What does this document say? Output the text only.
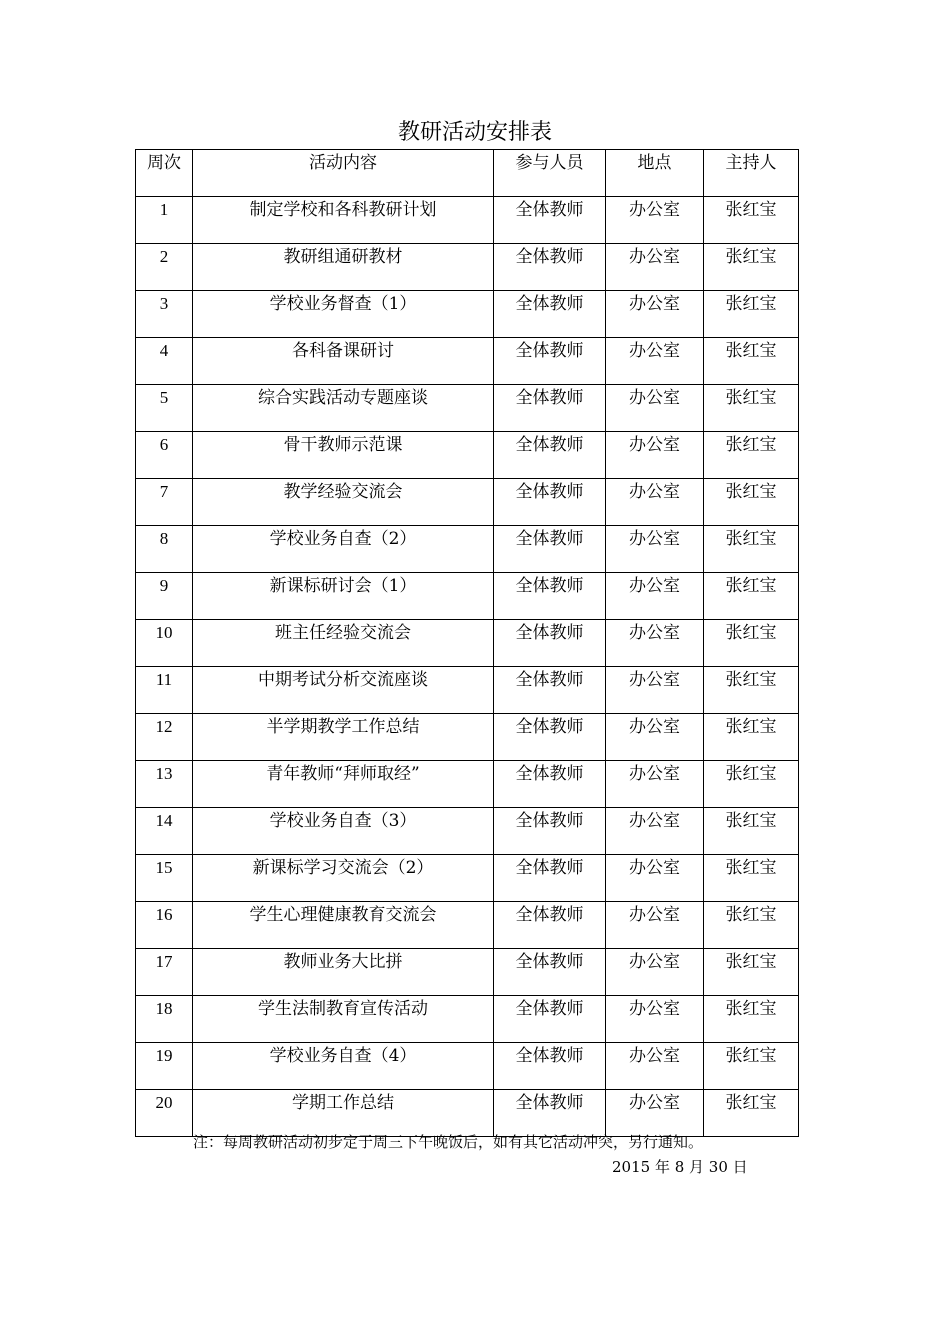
教研活动安排表
周次	活动内容	参与人员	地点	主持人
1	制定学校和各科教研计划	全体教师	办公室	张红宝
2	教研组通研教材	全体教师	办公室	张红宝
3	学校业务督查（1）	全体教师	办公室	张红宝
4	各科备课研讨	全体教师	办公室	张红宝
5	综合实践活动专题座谈	全体教师	办公室	张红宝
6	骨干教师示范课	全体教师	办公室	张红宝
7	教学经验交流会	全体教师	办公室	张红宝
8	学校业务自查（2）	全体教师	办公室	张红宝
9	新课标研讨会（1）	全体教师	办公室	张红宝
10	班主任经验交流会	全体教师	办公室	张红宝
11	中期考试分析交流座谈	全体教师	办公室	张红宝
12	半学期教学工作总结	全体教师	办公室	张红宝
13	青年教师“拜师取经”	全体教师	办公室	张红宝
14	学校业务自查（3）	全体教师	办公室	张红宝
15	新课标学习交流会（2）	全体教师	办公室	张红宝
16	学生心理健康教育交流会	全体教师	办公室	张红宝
17	教师业务大比拼	全体教师	办公室	张红宝
18	学生法制教育宣传活动	全体教师	办公室	张红宝
19	学校业务自查（4）	全体教师	办公室	张红宝
20	学期工作总结	全体教师	办公室	张红宝
注：每周教研活动初步定于周三下午晚饭后，如有其它活动冲突，另行通知。
2015 年 8 月 30 日
